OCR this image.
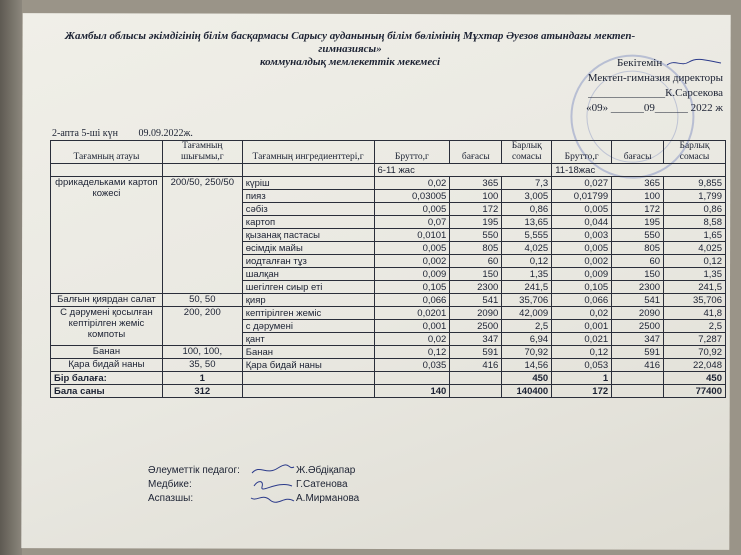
Жамбыл облысы әкімдігінің білім басқармасы Сарысу ауданының білім бөлімінің Мұхтар Әуезов атындағы мектеп-гимназиясы»
коммуналдық мемлекеттік мекемесі	Бекітемін
Мектеп-гимназия директоры
______________К.Сарсекова
«09» ______09______ 2022 ж
2-апта 5-ші күн 09.09.2022ж.
Тағамның атауы	Тағамның шығымы,г	Тағамның ингредиенттері,г	Брутто,г	бағасы	Барлық сомасы	Брутто,г	бағасы	Барлық сомасы
			6-11 жас			11-18жас		
фрикадельками картоп кожесі	200/50, 250/50	күріш	0,02	365	7,3	0,027	365	9,855
		пияз	0,03005	100	3,005	0,01799	100	1,799
		сәбіз	0,005	172	0,86	0,005	172	0,86
		картоп	0,07	195	13,65	0,044	195	8,58
		қызанақ пастасы	0,0101	550	5,555	0,003	550	1,65
		өсімдік майы	0,005	805	4,025	0,005	805	4,025
		иодталған тұз	0,002	60	0,12	0,002	60	0,12
		шалқан	0,009	150	1,35	0,009	150	1,35
		шегілген сиыр еті	0,105	2300	241,5	0,105	2300	241,5
Балғын қиярдан салат	50, 50	қияр	0,066	541	35,706	0,066	541	35,706
С дәрумені қосылған кептірілген жеміс компоты	200, 200	кептірілген жеміс	0,0201	2090	42,009	0,02	2090	41,8
		с дәрумені	0,001	2500	2,5	0,001	2500	2,5
		қант	0,02	347	6,94	0,021	347	7,287
Банан	100, 100,	Банан	0,12	591	70,92	0,12	591	70,92
Қара бидай наны	35, 50	Қара бидай наны	0,035	416	14,56	0,053	416	22,048
Бір балаға:	1				450	1		450
Бала саны	312		140		140400	172		77400
Әлеуметтік педагог:	Ж.Әбдіқапар
Медбике:	Г.Сатенова
Аспазшы:	А.Мирманова
